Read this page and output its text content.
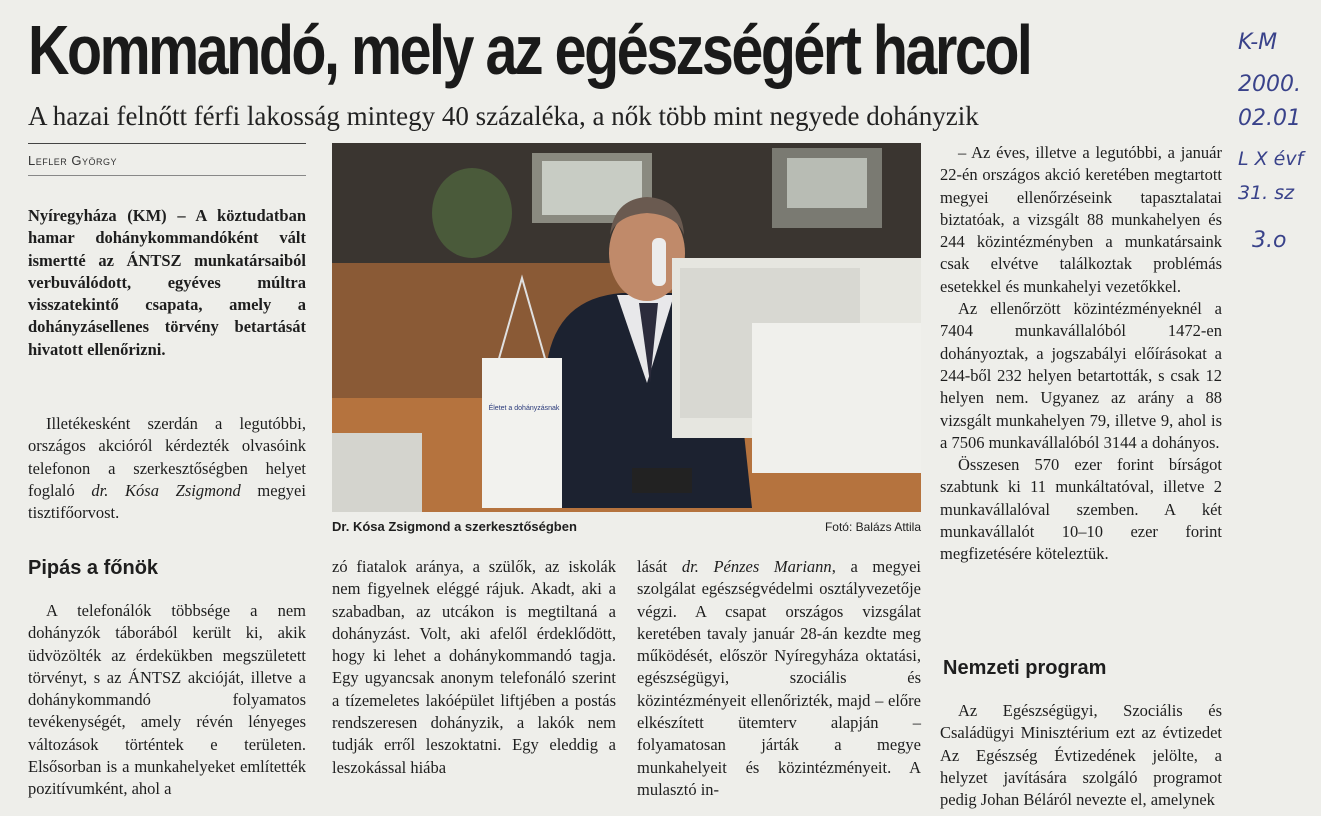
Kommandó, mely az egészségért harcol
A hazai felnőtt férfi lakosság mintegy 40 százaléka, a nők több mint negyede dohányzik
Lefler György

Nyíregyháza (KM) – A köztudatban hamar dohánykommandóként vált ismertté az ÁNTSZ munkatársaiból verbuválódott, egyéves múltra visszatekintő csapata, amely a dohányzásellenes törvény betartását hivatott ellenőrizni.

Illetékesként szerdán a legutóbbi, országos akcióról kérdezték olvasóink telefonon a szerkesztőségben helyet foglaló dr. Kósa Zsigmond megyei tisztifőorvost.

Pipás a főnök

A telefonálók többsége a nem dohányzók táborából került ki, akik üdvözölték az érdekükben megszületett törvényt, s az ÁNTSZ akcióját, illetve a dohánykommandó folyamatos tevékenységét, amely révén lényeges változások történtek e területen. Elsősorban is a munkahelyeket említették pozitívumként, ahol a

Életet a dohányzásnak
Dr. Kósa Zsigmond a szerkesztőségben	Fotó: Balázs Attila

zó fiatalok aránya, a szülők, az iskolák nem figyelnek eléggé rájuk. Akadt, aki a szabadban, az utcákon is megtiltaná a dohányzást. Volt, aki afelől érdeklődött, hogy ki lehet a dohánykommandó tagja. Egy ugyancsak anonym telefonáló szerint a tízemeletes lakóépület liftjében a postás rendszeresen dohányzik, a lakók nem tudják erről leszoktatni. Egy eleddig a leszokással hiába

lását dr. Pénzes Mariann, a megyei szolgálat egészségvédelmi osztályvezetője végzi. A csapat országos vizsgálat keretében tavaly január 28-án kezdte meg működését, először Nyíregyháza oktatási, egészségügyi, szociális és közintézményeit ellenőrizték, majd – előre elkészített ütemterv alapján – folyamatosan járták a megye munkahelyeit és közintézményeit. A mulasztó in-

– Az éves, illetve a legutóbbi, a január 22-én országos akció keretében megtartott megyei ellenőrzéseink tapasztalatai biztatóak, a vizsgált 88 munkahelyen és 244 közintézményben a munkatársaink csak elvétve találkoztak problémás esetekkel és munkahelyi vezetőkkel.

Az ellenőrzött közintézményeknél a 7404 munkavállalóból 1472-en dohányoztak, a jogszabályi előírásokat a 244-ből 232 helyen betartották, s csak 12 helyen nem. Ugyanez az arány a 88 vizsgált munkahelyen 79, illetve 9, ahol is a 7506 munkavállalóból 3144 a dohányos.

Összesen 570 ezer forint bírságot szabtunk ki 11 munkáltatóval, illetve 2 munkavállalóval szemben. A két munkavállalót 10–10 ezer forint megfizetésére köteleztük.

Nemzeti program

Az Egészségügyi, Szociális és Családügyi Minisztérium ezt az évtizedet Az Egészség Évtizedének jelölte, a helyzet javítására szolgáló programot pedig Johan Béláról nevezte el, amelynek

K-M
2000.
02.01
L X évf
31. sz
3.o
